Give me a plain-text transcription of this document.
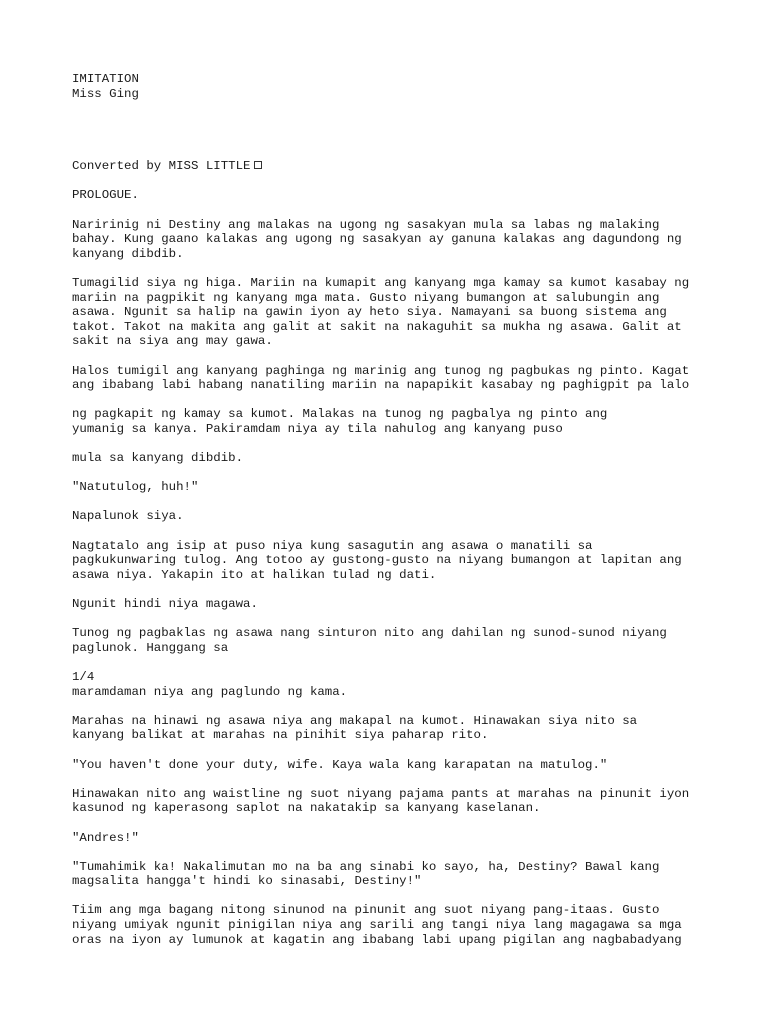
IMITATION
Miss Ging
Converted by MISS LITTLE
PROLOGUE.
Naririnig ni Destiny ang malakas na ugong ng sasakyan mula sa labas ng malaking
bahay. Kung gaano kalakas ang ugong ng sasakyan ay ganuna kalakas ang dagundong ng
kanyang dibdib.
Tumagilid siya ng higa. Mariin na kumapit ang kanyang mga kamay sa kumot kasabay ng
mariin na pagpikit ng kanyang mga mata. Gusto niyang bumangon at salubungin ang
asawa. Ngunit sa halip na gawin iyon ay heto siya. Namayani sa buong sistema ang
takot. Takot na makita ang galit at sakit na nakaguhit sa mukha ng asawa. Galit at
sakit na siya ang may gawa.
Halos tumigil ang kanyang paghinga ng marinig ang tunog ng pagbukas ng pinto. Kagat
ang ibabang labi habang nanatiling mariin na napapikit kasabay ng paghigpit pa lalo
ng pagkapit ng kamay sa kumot. Malakas na tunog ng pagbalya ng pinto ang
yumanig sa kanya. Pakiramdam niya ay tila nahulog ang kanyang puso
mula sa kanyang dibdib.
"Natutulog, huh!"
Napalunok siya.
Nagtatalo ang isip at puso niya kung sasagutin ang asawa o manatili sa
pagkukunwaring tulog. Ang totoo ay gustong-gusto na niyang bumangon at lapitan ang
asawa niya. Yakapin ito at halikan tulad ng dati.
Ngunit hindi niya magawa.
Tunog ng pagbaklas ng asawa nang sinturon nito ang dahilan ng sunod-sunod niyang
paglunok. Hanggang sa
1/4
maramdaman niya ang paglundo ng kama.
Marahas na hinawi ng asawa niya ang makapal na kumot. Hinawakan siya nito sa
kanyang balikat at marahas na pinihit siya paharap rito.
"You haven't done your duty, wife. Kaya wala kang karapatan na matulog."
Hinawakan nito ang waistline ng suot niyang pajama pants at marahas na pinunit iyon
kasunod ng kaperasong saplot na nakatakip sa kanyang kaselanan.
"Andres!"
"Tumahimik ka! Nakalimutan mo na ba ang sinabi ko sayo, ha, Destiny? Bawal kang
magsalita hangga't hindi ko sinasabi, Destiny!"
Tiim ang mga bagang nitong sinunod na pinunit ang suot niyang pang-itaas. Gusto
niyang umiyak ngunit pinigilan niya ang sarili ang tangi niya lang magagawa sa mga
oras na iyon ay lumunok at kagatin ang ibabang labi upang pigilan ang nagbabadyang
